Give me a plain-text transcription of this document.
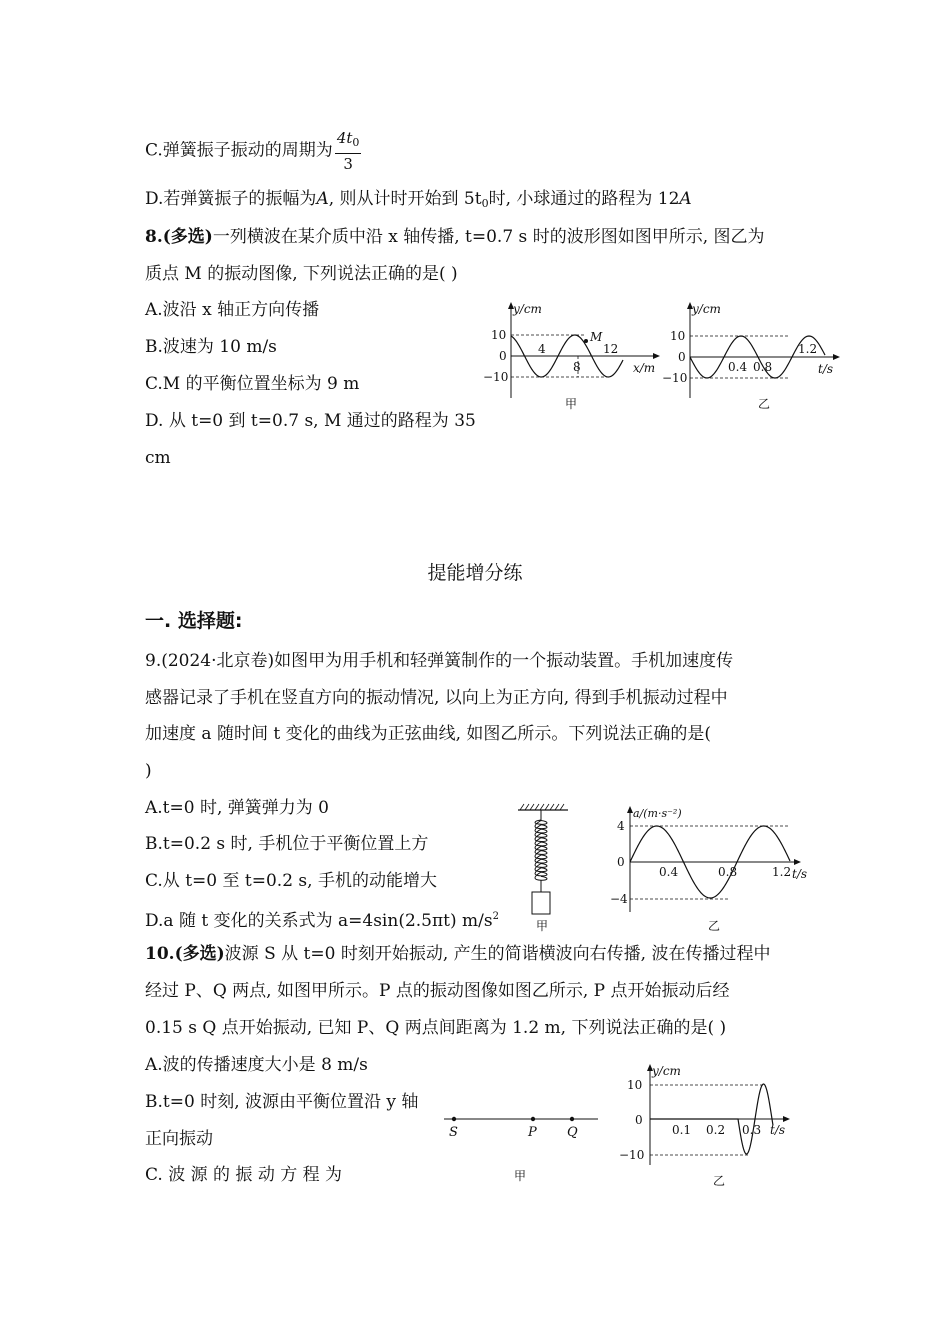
C.弹簧振子振动的周期为 $\frac{4t_0}{3}$
D.若弹簧振子的振幅为A, 则从计时开始到 $5t_0$时, 小球通过的路程为 12A
8.(多选)一列横波在某介质中沿 x 轴传播, t=0.7 s 时的波形图如图甲所示, 图乙为
质点 M 的振动图像, 下列说法正确的是( )
A.波沿 x 轴正方向传播
B.波速为 10 m/s
C.M 的平衡位置坐标为 9 m
D. 从 t=0 到 t=0.7 s, M 通过的路程为 35
cm
y/cm
10
0
−10
4
8
12
M
x/m
甲
y/cm
10
0
−10
0.4 0.8
1.2
t/s
乙
提能增分练
一. 选择题:
9.(2024·北京卷)如图甲为用手机和轻弹簧制作的一个振动装置。手机加速度传
感器记录了手机在竖直方向的振动情况, 以向上为正方向, 得到手机振动过程中
加速度 a 随时间 t 变化的曲线为正弦曲线, 如图乙所示。下列说法正确的是(
)
A.t=0 时, 弹簧弹力为 0
B.t=0.2 s 时, 手机位于平衡位置上方
C.从 t=0 至 t=0.2 s, 手机的动能增大
D.a 随 t 变化的关系式为 a=4sin(2.5πt) $m/s^2$
甲
a/(m·s⁻²)
4
0
−4
0.4	0.8	1.2 t/s
乙
10.(多选)波源 S 从 t=0 时刻开始振动, 产生的简谐横波向右传播, 波在传播过程中
经过 P、Q 两点, 如图甲所示。P 点的振动图像如图乙所示, P 点开始振动后经
0.15 s Q 点开始振动, 已知 P、Q 两点间距离为 1.2 m, 下列说法正确的是( )
A.波的传播速度大小是 8 m/s
B.t=0 时刻, 波源由平衡位置沿 y 轴
正向振动
C. 波 源 的 振 动 方 程 为
S	P Q
甲
y/cm
10
0
−10
0.1 0.2 0.3 t/s
乙
